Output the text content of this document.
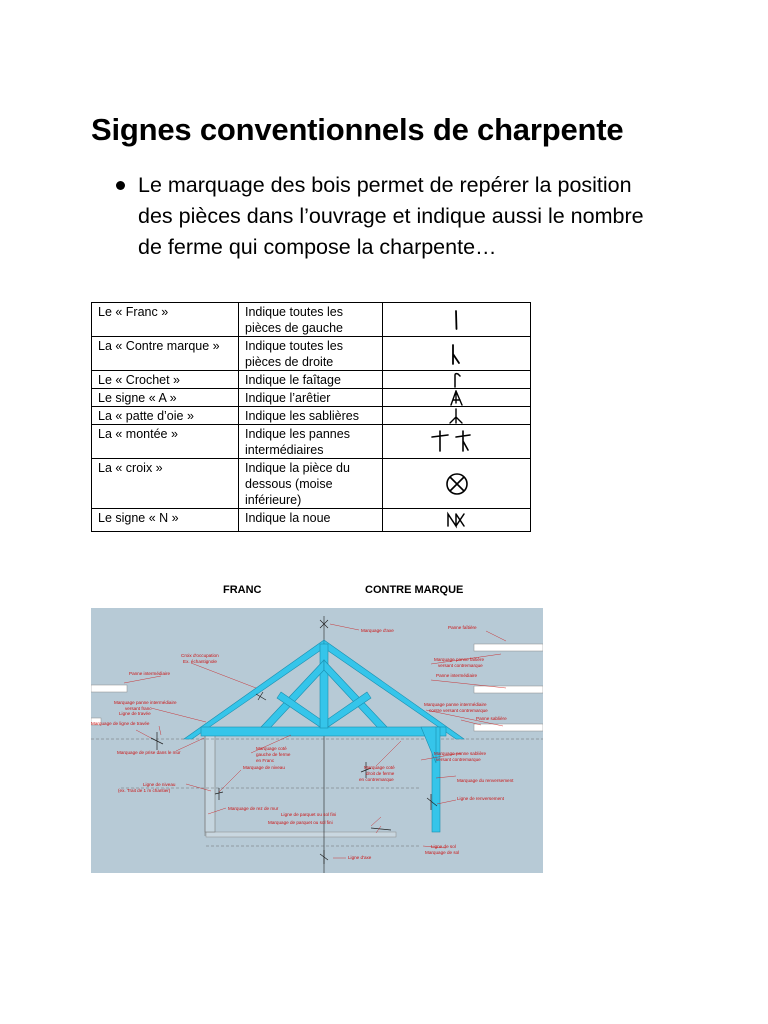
Signes conventionnels de charpente

Le marquage des bois permet de repérer la position des pièces dans l’ouvrage et indique aussi le nombre de ferme qui compose la charpente…

Le « Franc »	Indique toutes les pièces de gauche	

La « Contre marque »	Indique toutes les pièces de droite	

Le « Crochet »	Indique le faîtage	

Le signe « A »	Indique l’arêtier	

La « patte d’oie »	Indique les sablières	

La « montée »	Indique les pannes intermédiaires	

La « croix »	Indique la pièce du dessous (moise inférieure)	

Le signe « N »	Indique la noue	
FRANC	CONTRE MARQUE
Marquage d'axe
Panne faîtière
Croix d'occupation
Ex. échantignole	Marquage panne faîtière
versant contremarque
Panne intermédiaire	Panne intermédiaire
Marquage panne intermédiaire
versant franc
Marquage panne intermédiaire
contre versant contremarque
Ligne de travée
Marquage de ligne de travée
Panne sablière
Marquage de prise dans le mur
Marquage coté
gauche de ferme
en Franc
Marquage coté
droit de ferme
en contremarque
Marquage panne sablière
versant contremarque
Marquage de niveau
Ligne de niveau
(ex. Trait de 1 m chantier)
Marquage du renversement
Ligne de renversement
Marquage de rez de mur
Ligne de parquet ou sol fini
Marquage de parquet ou sol fini
Ligne de sol
Marquage de sol
Ligne d'axe
